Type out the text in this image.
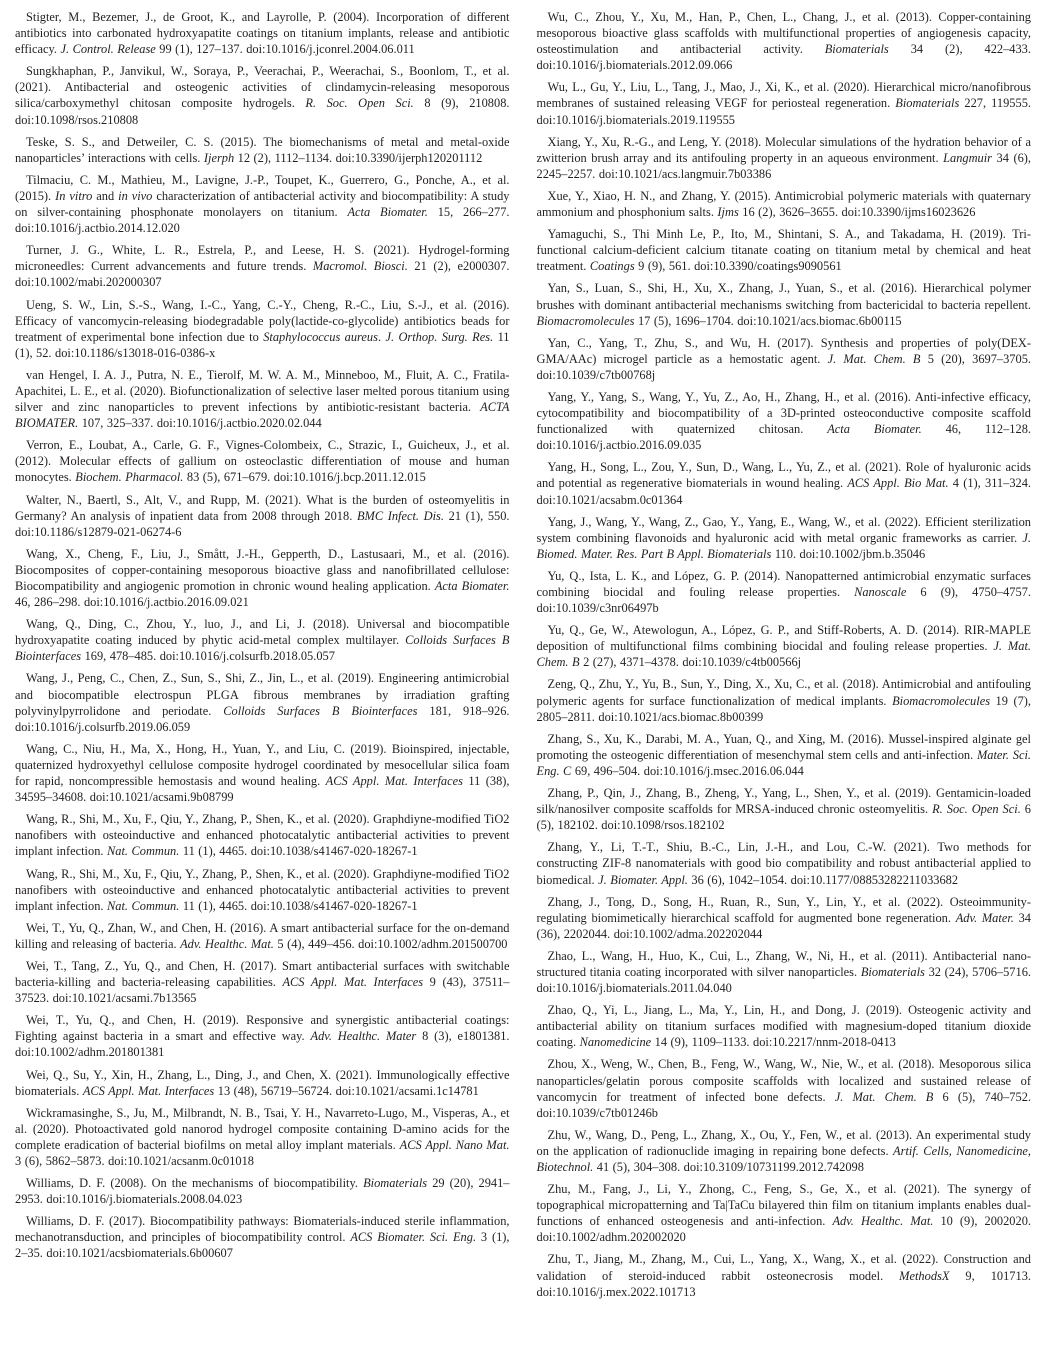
Stigter, M., Bezemer, J., de Groot, K., and Layrolle, P. (2004). Incorporation of different antibiotics into carbonated hydroxyapatite coatings on titanium implants, release and antibiotic efficacy. J. Control. Release 99 (1), 127–137. doi:10.1016/j.jconrel.2004.06.011

Sungkhaphan, P., Janvikul, W., Soraya, P., Veerachai, P., Weerachai, S., Boonlom, T., et al. (2021). Antibacterial and osteogenic activities of clindamycin-releasing mesoporous silica/carboxymethyl chitosan composite hydrogels. R. Soc. Open Sci. 8 (9), 210808. doi:10.1098/rsos.210808

Teske, S. S., and Detweiler, C. S. (2015). The biomechanisms of metal and metal-oxide nanoparticles’ interactions with cells. Ijerph 12 (2), 1112–1134. doi:10.3390/ijerph120201112

Tilmaciu, C. M., Mathieu, M., Lavigne, J.-P., Toupet, K., Guerrero, G., Ponche, A., et al. (2015). In vitro and in vivo characterization of antibacterial activity and biocompatibility: A study on silver-containing phosphonate monolayers on titanium. Acta Biomater. 15, 266–277. doi:10.1016/j.actbio.2014.12.020

Turner, J. G., White, L. R., Estrela, P., and Leese, H. S. (2021). Hydrogel-forming microneedles: Current advancements and future trends. Macromol. Biosci. 21 (2), e2000307. doi:10.1002/mabi.202000307

Ueng, S. W., Lin, S.-S., Wang, I.-C., Yang, C.-Y., Cheng, R.-C., Liu, S.-J., et al. (2016). Efficacy of vancomycin-releasing biodegradable poly(lactide-co-glycolide) antibiotics beads for treatment of experimental bone infection due to Staphylococcus aureus. J. Orthop. Surg. Res. 11 (1), 52. doi:10.1186/s13018-016-0386-x

van Hengel, I. A. J., Putra, N. E., Tierolf, M. W. A. M., Minneboo, M., Fluit, A. C., Fratila-Apachitei, L. E., et al. (2020). Biofunctionalization of selective laser melted porous titanium using silver and zinc nanoparticles to prevent infections by antibiotic-resistant bacteria. ACTA BIOMATER. 107, 325–337. doi:10.1016/j.actbio.2020.02.044

Verron, E., Loubat, A., Carle, G. F., Vignes-Colombeix, C., Strazic, I., Guicheux, J., et al. (2012). Molecular effects of gallium on osteoclastic differentiation of mouse and human monocytes. Biochem. Pharmacol. 83 (5), 671–679. doi:10.1016/j.bcp.2011.12.015

Walter, N., Baertl, S., Alt, V., and Rupp, M. (2021). What is the burden of osteomyelitis in Germany? An analysis of inpatient data from 2008 through 2018. BMC Infect. Dis. 21 (1), 550. doi:10.1186/s12879-021-06274-6

Wang, X., Cheng, F., Liu, J., Smått, J.-H., Gepperth, D., Lastusaari, M., et al. (2016). Biocomposites of copper-containing mesoporous bioactive glass and nanofibrillated cellulose: Biocompatibility and angiogenic promotion in chronic wound healing application. Acta Biomater. 46, 286–298. doi:10.1016/j.actbio.2016.09.021

Wang, Q., Ding, C., Zhou, Y., luo, J., and Li, J. (2018). Universal and biocompatible hydroxyapatite coating induced by phytic acid-metal complex multilayer. Colloids Surfaces B Biointerfaces 169, 478–485. doi:10.1016/j.colsurfb.2018.05.057

Wang, J., Peng, C., Chen, Z., Sun, S., Shi, Z., Jin, L., et al. (2019). Engineering antimicrobial and biocompatible electrospun PLGA fibrous membranes by irradiation grafting polyvinylpyrrolidone and periodate. Colloids Surfaces B Biointerfaces 181, 918–926. doi:10.1016/j.colsurfb.2019.06.059

Wang, C., Niu, H., Ma, X., Hong, H., Yuan, Y., and Liu, C. (2019). Bioinspired, injectable, quaternized hydroxyethyl cellulose composite hydrogel coordinated by mesocellular silica foam for rapid, noncompressible hemostasis and wound healing. ACS Appl. Mat. Interfaces 11 (38), 34595–34608. doi:10.1021/acsami.9b08799

Wang, R., Shi, M., Xu, F., Qiu, Y., Zhang, P., Shen, K., et al. (2020). Graphdiyne-modified TiO2 nanofibers with osteoinductive and enhanced photocatalytic antibacterial activities to prevent implant infection. Nat. Commun. 11 (1), 4465. doi:10.1038/s41467-020-18267-1

Wang, R., Shi, M., Xu, F., Qiu, Y., Zhang, P., Shen, K., et al. (2020). Graphdiyne-modified TiO2 nanofibers with osteoinductive and enhanced photocatalytic antibacterial activities to prevent implant infection. Nat. Commun. 11 (1), 4465. doi:10.1038/s41467-020-18267-1

Wei, T., Yu, Q., Zhan, W., and Chen, H. (2016). A smart antibacterial surface for the on-demand killing and releasing of bacteria. Adv. Healthc. Mat. 5 (4), 449–456. doi:10.1002/adhm.201500700

Wei, T., Tang, Z., Yu, Q., and Chen, H. (2017). Smart antibacterial surfaces with switchable bacteria-killing and bacteria-releasing capabilities. ACS Appl. Mat. Interfaces 9 (43), 37511–37523. doi:10.1021/acsami.7b13565

Wei, T., Yu, Q., and Chen, H. (2019). Responsive and synergistic antibacterial coatings: Fighting against bacteria in a smart and effective way. Adv. Healthc. Mater 8 (3), e1801381. doi:10.1002/adhm.201801381

Wei, Q., Su, Y., Xin, H., Zhang, L., Ding, J., and Chen, X. (2021). Immunologically effective biomaterials. ACS Appl. Mat. Interfaces 13 (48), 56719–56724. doi:10.1021/acsami.1c14781

Wickramasinghe, S., Ju, M., Milbrandt, N. B., Tsai, Y. H., Navarreto-Lugo, M., Visperas, A., et al. (2020). Photoactivated gold nanorod hydrogel composite containing D-amino acids for the complete eradication of bacterial biofilms on metal alloy implant materials. ACS Appl. Nano Mat. 3 (6), 5862–5873. doi:10.1021/acsanm.0c01018

Williams, D. F. (2008). On the mechanisms of biocompatibility. Biomaterials 29 (20), 2941–2953. doi:10.1016/j.biomaterials.2008.04.023

Williams, D. F. (2017). Biocompatibility pathways: Biomaterials-induced sterile inflammation, mechanotransduction, and principles of biocompatibility control. ACS Biomater. Sci. Eng. 3 (1), 2–35. doi:10.1021/acsbiomaterials.6b00607

Wu, C., Zhou, Y., Xu, M., Han, P., Chen, L., Chang, J., et al. (2013). Copper-containing mesoporous bioactive glass scaffolds with multifunctional properties of angiogenesis capacity, osteostimulation and antibacterial activity. Biomaterials 34 (2), 422–433. doi:10.1016/j.biomaterials.2012.09.066

Wu, L., Gu, Y., Liu, L., Tang, J., Mao, J., Xi, K., et al. (2020). Hierarchical micro/nanofibrous membranes of sustained releasing VEGF for periosteal regeneration. Biomaterials 227, 119555. doi:10.1016/j.biomaterials.2019.119555

Xiang, Y., Xu, R.-G., and Leng, Y. (2018). Molecular simulations of the hydration behavior of a zwitterion brush array and its antifouling property in an aqueous environment. Langmuir 34 (6), 2245–2257. doi:10.1021/acs.langmuir.7b03386

Xue, Y., Xiao, H. N., and Zhang, Y. (2015). Antimicrobial polymeric materials with quaternary ammonium and phosphonium salts. Ijms 16 (2), 3626–3655. doi:10.3390/ijms16023626

Yamaguchi, S., Thi Minh Le, P., Ito, M., Shintani, S. A., and Takadama, H. (2019). Tri-functional calcium-deficient calcium titanate coating on titanium metal by chemical and heat treatment. Coatings 9 (9), 561. doi:10.3390/coatings9090561

Yan, S., Luan, S., Shi, H., Xu, X., Zhang, J., Yuan, S., et al. (2016). Hierarchical polymer brushes with dominant antibacterial mechanisms switching from bactericidal to bacteria repellent. Biomacromolecules 17 (5), 1696–1704. doi:10.1021/acs.biomac.6b00115

Yan, C., Yang, T., Zhu, S., and Wu, H. (2017). Synthesis and properties of poly(DEX-GMA/AAc) microgel particle as a hemostatic agent. J. Mat. Chem. B 5 (20), 3697–3705. doi:10.1039/c7tb00768j

Yang, Y., Yang, S., Wang, Y., Yu, Z., Ao, H., Zhang, H., et al. (2016). Anti-infective efficacy, cytocompatibility and biocompatibility of a 3D-printed osteoconductive composite scaffold functionalized with quaternized chitosan. Acta Biomater. 46, 112–128. doi:10.1016/j.actbio.2016.09.035

Yang, H., Song, L., Zou, Y., Sun, D., Wang, L., Yu, Z., et al. (2021). Role of hyaluronic acids and potential as regenerative biomaterials in wound healing. ACS Appl. Bio Mat. 4 (1), 311–324. doi:10.1021/acsabm.0c01364

Yang, J., Wang, Y., Wang, Z., Gao, Y., Yang, E., Wang, W., et al. (2022). Efficient sterilization system combining flavonoids and hyaluronic acid with metal organic frameworks as carrier. J. Biomed. Mater. Res. Part B Appl. Biomaterials 110. doi:10.1002/jbm.b.35046

Yu, Q., Ista, L. K., and López, G. P. (2014). Nanopatterned antimicrobial enzymatic surfaces combining biocidal and fouling release properties. Nanoscale 6 (9), 4750–4757. doi:10.1039/c3nr06497b

Yu, Q., Ge, W., Atewologun, A., López, G. P., and Stiff-Roberts, A. D. (2014). RIR-MAPLE deposition of multifunctional films combining biocidal and fouling release properties. J. Mat. Chem. B 2 (27), 4371–4378. doi:10.1039/c4tb00566j

Zeng, Q., Zhu, Y., Yu, B., Sun, Y., Ding, X., Xu, C., et al. (2018). Antimicrobial and antifouling polymeric agents for surface functionalization of medical implants. Biomacromolecules 19 (7), 2805–2811. doi:10.1021/acs.biomac.8b00399

Zhang, S., Xu, K., Darabi, M. A., Yuan, Q., and Xing, M. (2016). Mussel-inspired alginate gel promoting the osteogenic differentiation of mesenchymal stem cells and anti-infection. Mater. Sci. Eng. C 69, 496–504. doi:10.1016/j.msec.2016.06.044

Zhang, P., Qin, J., Zhang, B., Zheng, Y., Yang, L., Shen, Y., et al. (2019). Gentamicin-loaded silk/nanosilver composite scaffolds for MRSA-induced chronic osteomyelitis. R. Soc. Open Sci. 6 (5), 182102. doi:10.1098/rsos.182102

Zhang, Y., Li, T.-T., Shiu, B.-C., Lin, J.-H., and Lou, C.-W. (2021). Two methods for constructing ZIF-8 nanomaterials with good bio compatibility and robust antibacterial applied to biomedical. J. Biomater. Appl. 36 (6), 1042–1054. doi:10.1177/08853282211033682

Zhang, J., Tong, D., Song, H., Ruan, R., Sun, Y., Lin, Y., et al. (2022). Osteoimmunity-regulating biomimetically hierarchical scaffold for augmented bone regeneration. Adv. Mater. 34 (36), 2202044. doi:10.1002/adma.202202044

Zhao, L., Wang, H., Huo, K., Cui, L., Zhang, W., Ni, H., et al. (2011). Antibacterial nano-structured titania coating incorporated with silver nanoparticles. Biomaterials 32 (24), 5706–5716. doi:10.1016/j.biomaterials.2011.04.040

Zhao, Q., Yi, L., Jiang, L., Ma, Y., Lin, H., and Dong, J. (2019). Osteogenic activity and antibacterial ability on titanium surfaces modified with magnesium-doped titanium dioxide coating. Nanomedicine 14 (9), 1109–1133. doi:10.2217/nnm-2018-0413

Zhou, X., Weng, W., Chen, B., Feng, W., Wang, W., Nie, W., et al. (2018). Mesoporous silica nanoparticles/gelatin porous composite scaffolds with localized and sustained release of vancomycin for treatment of infected bone defects. J. Mat. Chem. B 6 (5), 740–752. doi:10.1039/c7tb01246b

Zhu, W., Wang, D., Peng, L., Zhang, X., Ou, Y., Fen, W., et al. (2013). An experimental study on the application of radionuclide imaging in repairing bone defects. Artif. Cells, Nanomedicine, Biotechnol. 41 (5), 304–308. doi:10.3109/10731199.2012.742098

Zhu, M., Fang, J., Li, Y., Zhong, C., Feng, S., Ge, X., et al. (2021). The synergy of topographical micropatterning and Ta|TaCu bilayered thin film on titanium implants enables dual-functions of enhanced osteogenesis and anti-infection. Adv. Healthc. Mat. 10 (9), 2002020. doi:10.1002/adhm.202002020

Zhu, T., Jiang, M., Zhang, M., Cui, L., Yang, X., Wang, X., et al. (2022). Construction and validation of steroid-induced rabbit osteonecrosis model. MethodsX 9, 101713. doi:10.1016/j.mex.2022.101713
